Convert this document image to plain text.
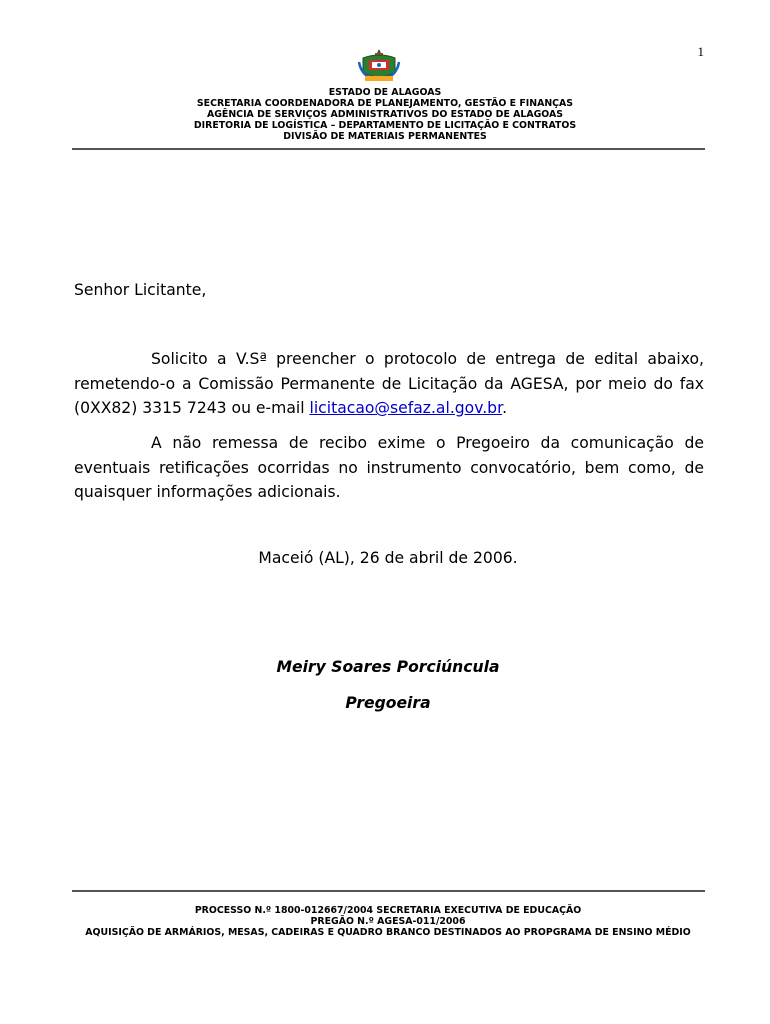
1
ESTADO DE ALAGOAS
SECRETARIA COORDENADORA DE PLANEJAMENTO, GESTÃO E FINANÇAS
AGÊNCIA DE SERVIÇOS ADMINISTRATIVOS DO ESTADO DE ALAGOAS
DIRETORIA DE LOGÍSTICA – DEPARTAMENTO DE LICITAÇÃO E CONTRATOS
DIVISÃO DE MATERIAIS PERMANENTES
Senhor Licitante,
Solicito a V.Sª preencher o protocolo de entrega de edital abaixo, remetendo-o a Comissão Permanente de Licitação da AGESA, por meio do fax (0XX82) 3315 7243 ou e-mail licitacao@sefaz.al.gov.br.
A não remessa de recibo exime o Pregoeiro da comunicação de eventuais retificações ocorridas no instrumento convocatório, bem como, de quaisquer informações adicionais.
Maceió (AL), 26 de abril de 2006.
Meiry Soares Porciúncula
Pregoeira
PROCESSO N.º 1800-012667/2004 SECRETARIA EXECUTIVA DE EDUCAÇÃO
PREGÃO N.º AGESA-011/2006
AQUISIÇÃO DE ARMÁRIOS, MESAS, CADEIRAS E QUADRO BRANCO DESTINADOS AO PROPGRAMA DE ENSINO MÉDIO
